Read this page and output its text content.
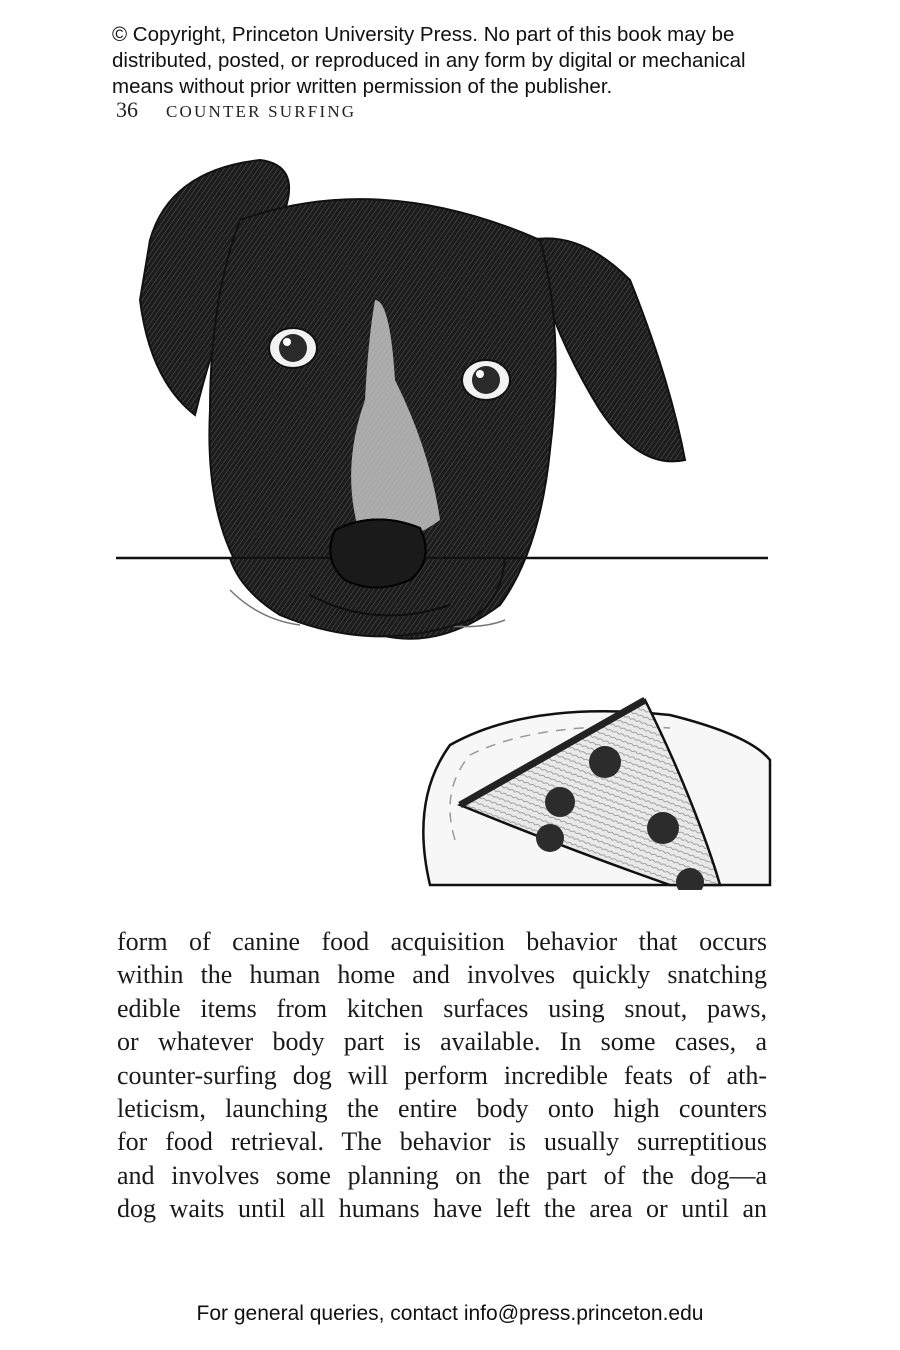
© Copyright, Princeton University Press. No part of this book may be distributed, posted, or reproduced in any form by digital or mechanical means without prior written permission of the publisher.
36 COUNTER SURFING
form of canine food acquisition behavior that occurs
within the human home and involves quickly snatching
edible items from kitchen surfaces using snout, paws,
or whatever body part is available. In some cases, a
counter-surfing dog will perform incredible feats of ath-
leticism, launching the entire body onto high counters
for food retrieval. The behavior is usually surreptitious
and involves some planning on the part of the dog—a
dog waits until all humans have left the area or until an
For general queries, contact info@press.princeton.edu
